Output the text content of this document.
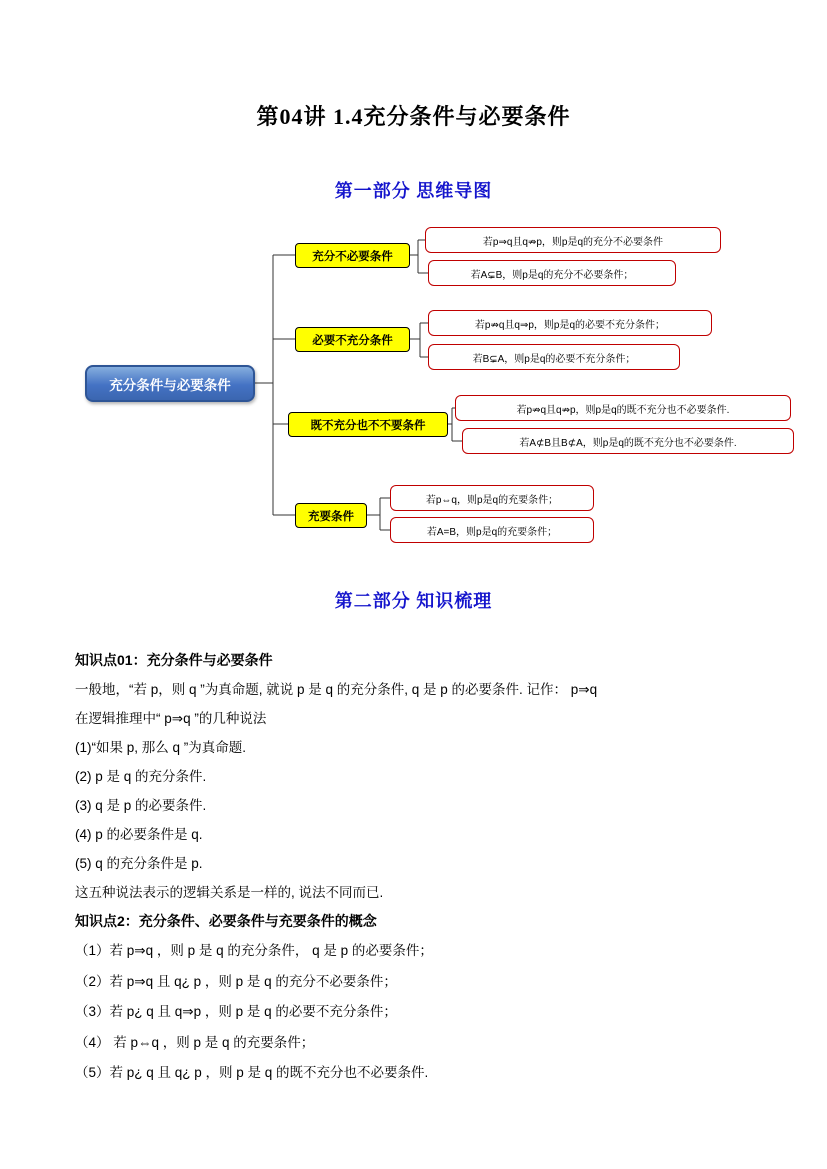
第04讲 1.4充分条件与必要条件
第一部分 思维导图
充分条件与必要条件
充分不必要条件
必要不充分条件
既不充分也不不要条件
充要条件
若p⇒q且q⇏p，则p是q的充分不必要条件
若A⊊B，则p是q的充分不必要条件；
若p⇏q且q⇒p，则p是q的必要不充分条件；
若B⊊A，则p是q的必要不充分条件；
若p⇏q且q⇏p，则p是q的既不充分也不必要条件.
若A⊄B且B⊄A，则p是q的既不充分也不必要条件.
若p⇔q，则p是q的充要条件；
若A=B，则p是q的充要条件；
第二部分 知识梳理
知识点01：充分条件与必要条件
一般地，“若 p，则 q ”为真命题, 就说 p 是 q 的充分条件, q 是 p 的必要条件. 记作： p⇒q
在逻辑推理中“ p⇒q ”的几种说法
(1)“如果 p, 那么 q ”为真命题.
(2) p 是 q 的充分条件.
(3) q 是 p 的必要条件.
(4) p 的必要条件是 q.
(5) q 的充分条件是 p.
这五种说法表示的逻辑关系是一样的, 说法不同而已.
知识点2：充分条件、必要条件与充要条件的概念
（1）若 p⇒q ，则 p 是 q 的充分条件， q 是 p 的必要条件；
（2）若 p⇒q 且 q¿ p ，则 p 是 q 的充分不必要条件；
（3）若 p¿ q 且 q⇒p ，则 p 是 q 的必要不充分条件；
（4） 若 p⇔q ，则 p 是 q 的充要条件；
（5）若 p¿ q 且 q¿ p ，则 p 是 q 的既不充分也不必要条件.
